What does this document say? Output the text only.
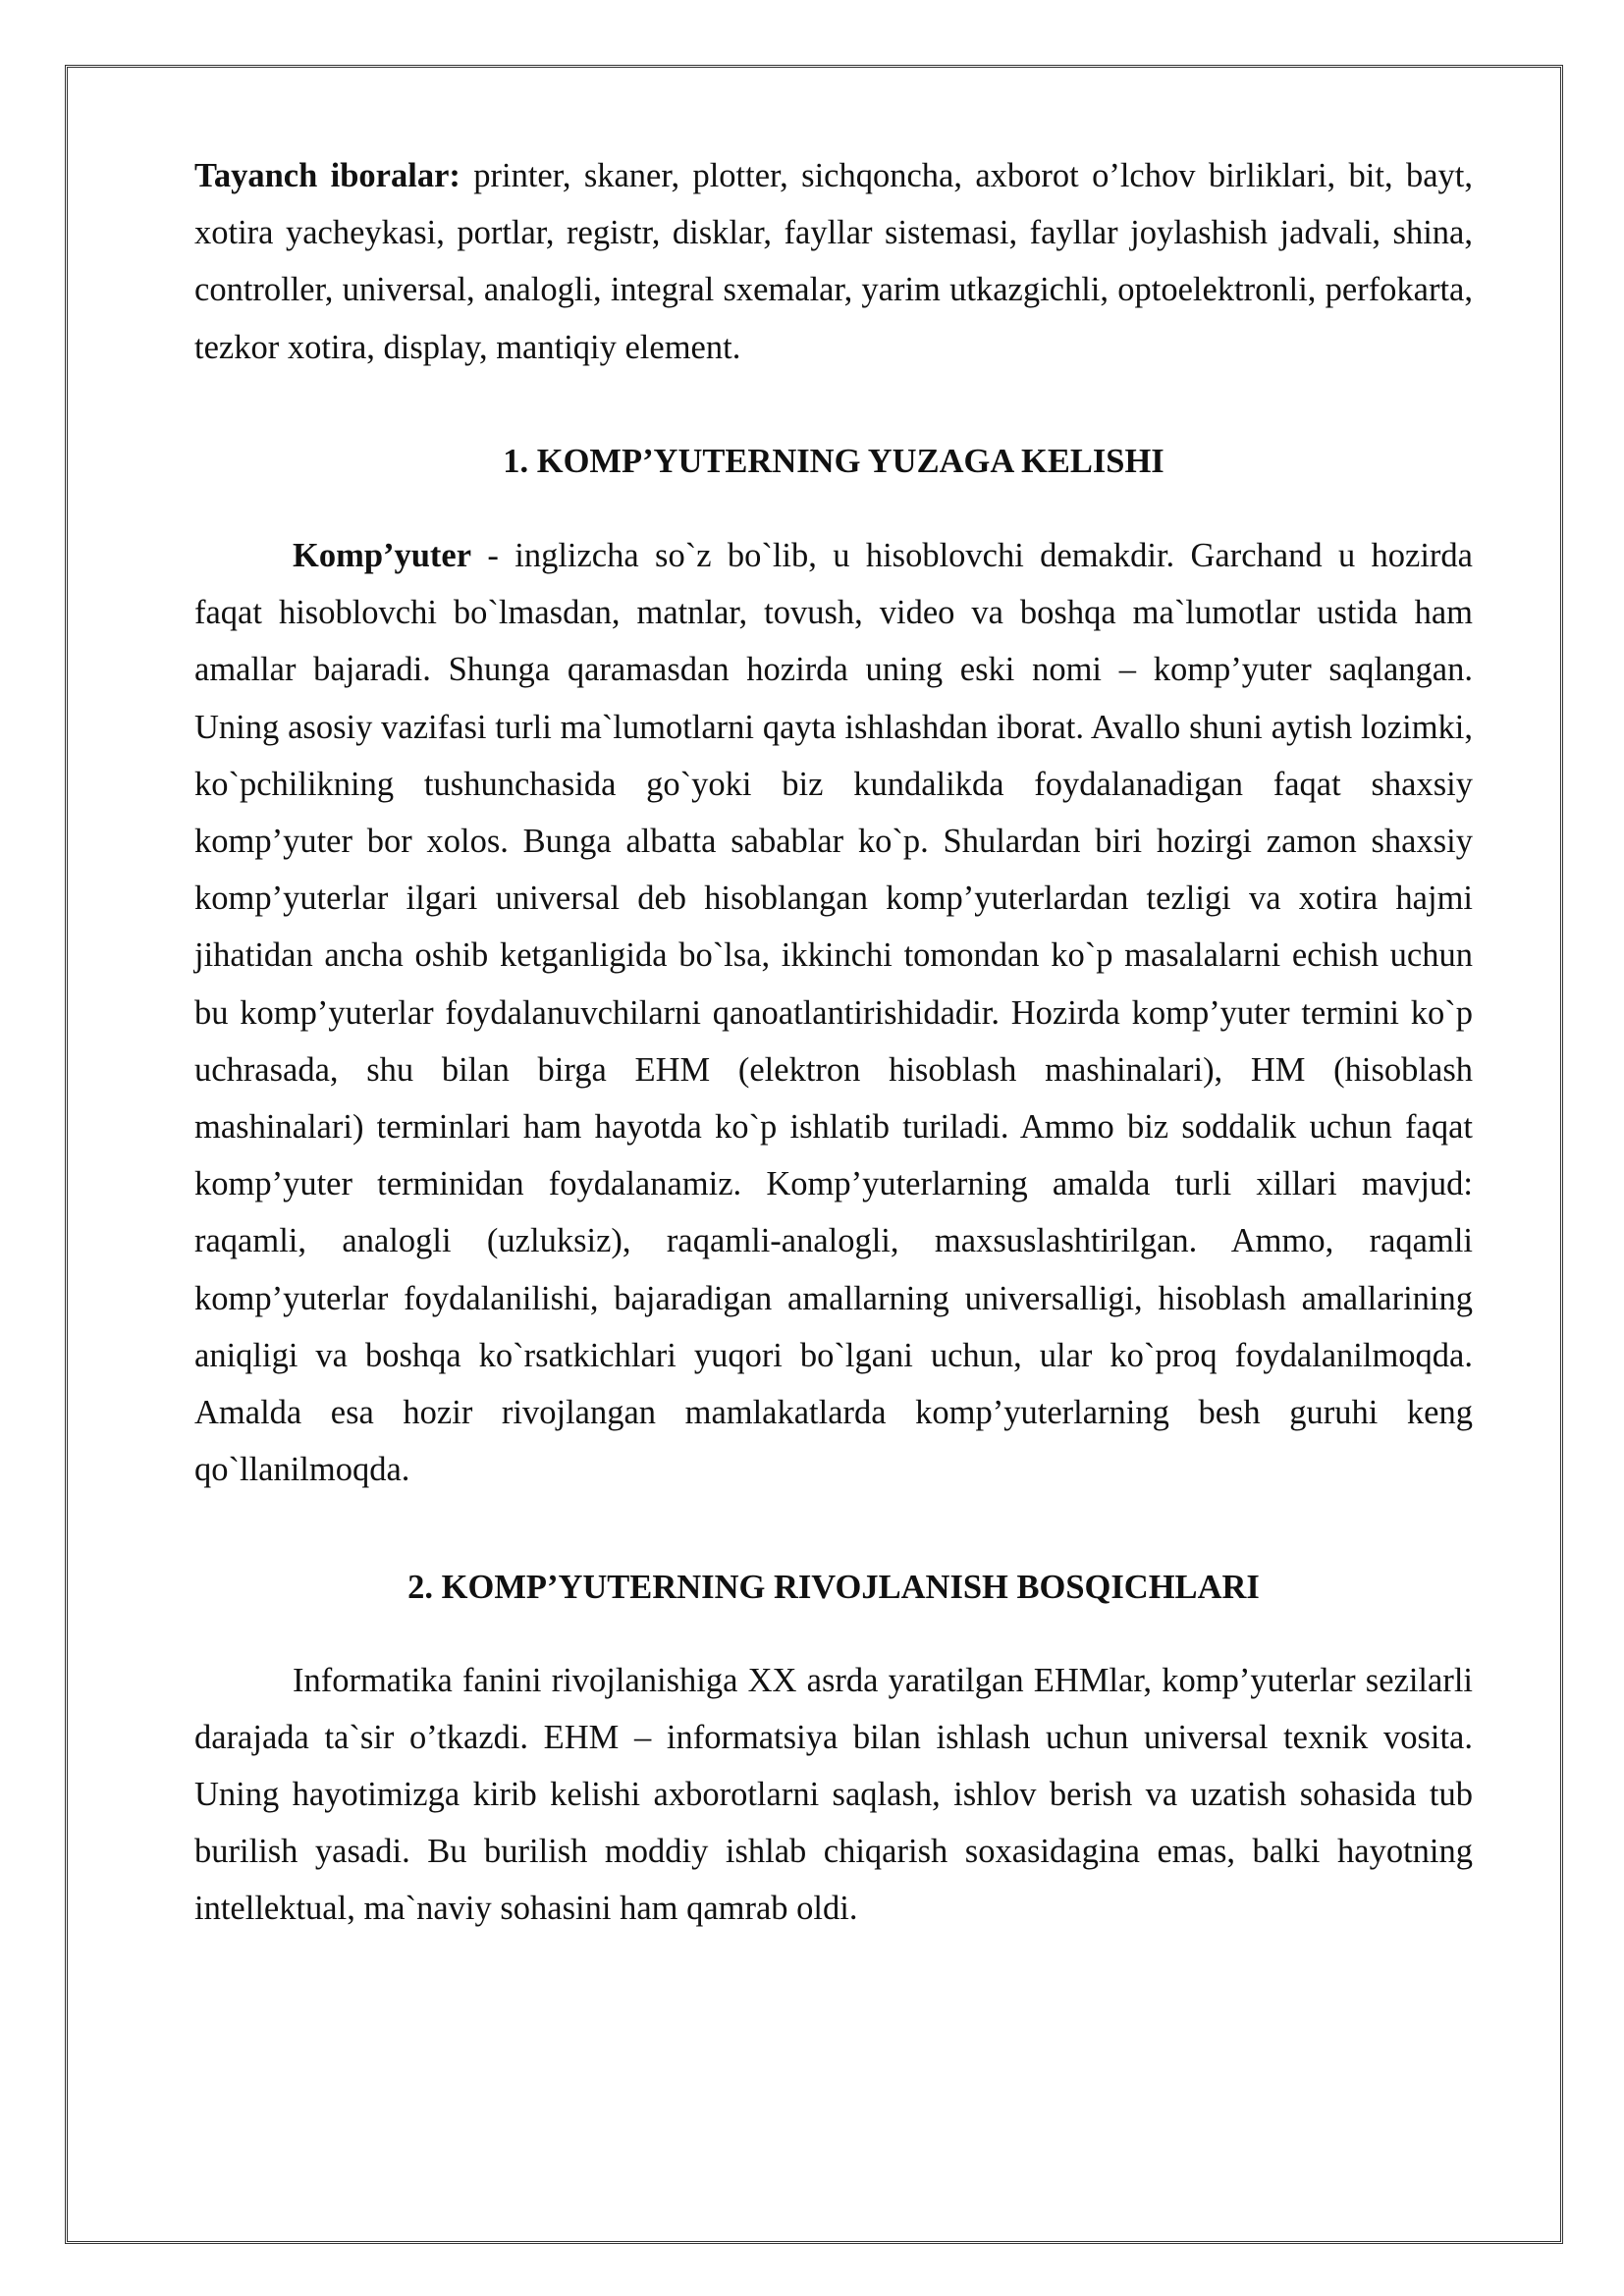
Tayanch iboralar: printer, skaner, plotter, sichqoncha, axborot o’lchov birliklari, bit, bayt, xotira yacheykasi, portlar, registr, disklar, fayllar sistemasi, fayllar joylashish jadvali, shina, controller, universal, analogli, integral sxemalar, yarim utkazgichli, optoelektronli, perfokarta, tezkor xotira, display, mantiqiy element.

1. KOMP’YUTERNING YUZAGA KELISHI

Komp’yuter - inglizcha so`z bo`lib, u hisoblovchi demakdir. Garchand u hozirda faqat hisoblovchi bo`lmasdan, matnlar, tovush, video va boshqa ma`lumotlar ustida ham amallar bajaradi. Shunga qaramasdan hozirda uning eski nomi – komp’yuter saqlangan. Uning asosiy vazifasi turli ma`lumotlarni qayta ishlashdan iborat. Avallo shuni aytish lozimki, ko`pchilikning tushunchasida go`yoki biz kundalikda foydalanadigan faqat shaxsiy komp’yuter bor xolos. Bunga albatta sabablar ko`p. Shulardan biri hozirgi zamon shaxsiy komp’yuterlar ilgari universal deb hisoblangan komp’yuterlardan tezligi va xotira hajmi jihatidan ancha oshib ketganligida bo`lsa, ikkinchi tomondan ko`p masalalarni echish uchun bu komp’yuterlar foydalanuvchilarni qanoatlantirishidadir. Hozirda komp’yuter termini ko`p uchrasada, shu bilan birga EHM (elektron hisoblash mashinalari), HM (hisoblash mashinalari) terminlari ham hayotda ko`p ishlatib turiladi. Ammo biz soddalik uchun faqat komp’yuter terminidan foydalanamiz. Komp’yuterlarning amalda turli xillari mavjud: raqamli, analogli (uzluksiz), raqamli-analogli, maxsuslashtirilgan. Ammo, raqamli komp’yuterlar foydalanilishi, bajaradigan amallarning universalligi, hisoblash amallarining aniqligi va boshqa ko`rsatkichlari yuqori bo`lgani uchun, ular ko`proq foydalanilmoqda. Amalda esa hozir rivojlangan mamlakatlarda komp’yuterlarning besh guruhi keng qo`llanilmoqda.

2. KOMP’YUTERNING RIVOJLANISH BOSQICHLARI

Informatika fanini rivojlanishiga XX asrda yaratilgan EHMlar, komp’yuterlar sezilarli darajada ta`sir o’tkazdi. EHM – informatsiya bilan ishlash uchun universal texnik vosita. Uning hayotimizga kirib kelishi axborotlarni saqlash, ishlov berish va uzatish sohasida tub burilish yasadi. Bu burilish moddiy ishlab chiqarish soxasidagina emas, balki hayotning intellektual, ma`naviy sohasini ham qamrab oldi.
